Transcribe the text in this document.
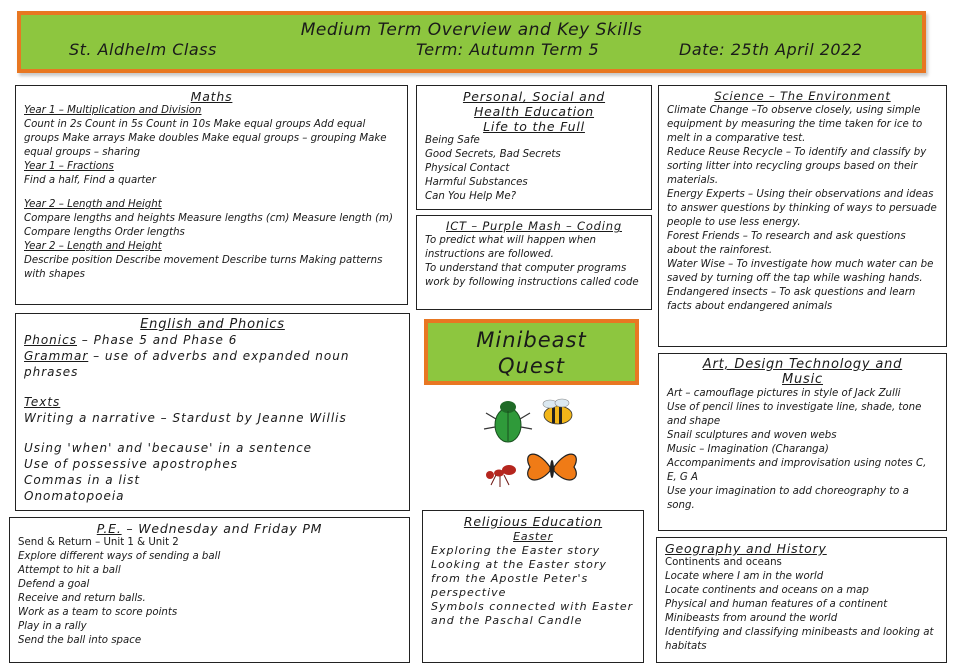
Medium Term Overview and Key Skills
St. Aldhelm Class	Term: Autumn Term 5	Date: 25th April 2022
Maths

Year 1 – Multiplication and Division

Count in 2s Count in 5s Count in 10s Make equal groups Add equal groups Make arrays Make doubles Make equal groups – grouping Make equal groups – sharing

Year 1 – Fractions

Find a half, Find a quarter

Year 2 – Length and Height

Compare lengths and heights Measure lengths (cm) Measure length (m) Compare lengths Order lengths

Year 2 – Length and Height

Describe position Describe movement Describe turns Making patterns with shapes

English and Phonics

Phonics – Phase 5 and Phase 6

Grammar – use of adverbs and expanded noun phrases

Texts

Writing a narrative – Stardust by Jeanne Willis

Using 'when' and 'because' in a sentence

Use of possessive apostrophes

Commas in a list

Onomatopoeia

P.E. – Wednesday and Friday PM

Send & Return – Unit 1 & Unit 2

Explore different ways of sending a ball

Attempt to hit a ball

Defend a goal

Receive and return balls.

Work as a team to score points

Play in a rally

Send the ball into space

Personal, Social and
Health Education
Life to the Full

Being Safe

Good Secrets, Bad Secrets

Physical Contact

Harmful Substances

Can You Help Me?

ICT – Purple Mash – Coding

To predict what will happen when instructions are followed.

To understand that computer programs work by following instructions called code

Minibeast
Quest
Religious Education
Easter

Exploring the Easter story

Looking at the Easter story from the Apostle Peter's perspective

Symbols connected with Easter

and the Paschal Candle

Science – The Environment

Climate Change –To observe closely, using simple equipment by measuring the time taken for ice to melt in a comparative test.

Reduce Reuse Recycle – To identify and classify by sorting litter into recycling groups based on their materials.

Energy Experts – Using their observations and ideas to answer questions by thinking of ways to persuade people to use less energy.

Forest Friends – To research and ask questions about the rainforest.

Water Wise – To investigate how much water can be saved by turning off the tap while washing hands.

Endangered insects – To ask questions and learn facts about endangered animals

Art, Design Technology and
Music

Art – camouflage pictures in style of Jack Zulli

Use of pencil lines to investigate line, shade, tone and shape

Snail sculptures and woven webs

Music – Imagination (Charanga)

Accompaniments and improvisation using notes C, E, G A

Use your imagination to add choreography to a song.

Geography and History

Continents and oceans

Locate where I am in the world

Locate continents and oceans on a map

Physical and human features of a continent

Minibeasts from around the world

Identifying and classifying minibeasts and looking at habitats
